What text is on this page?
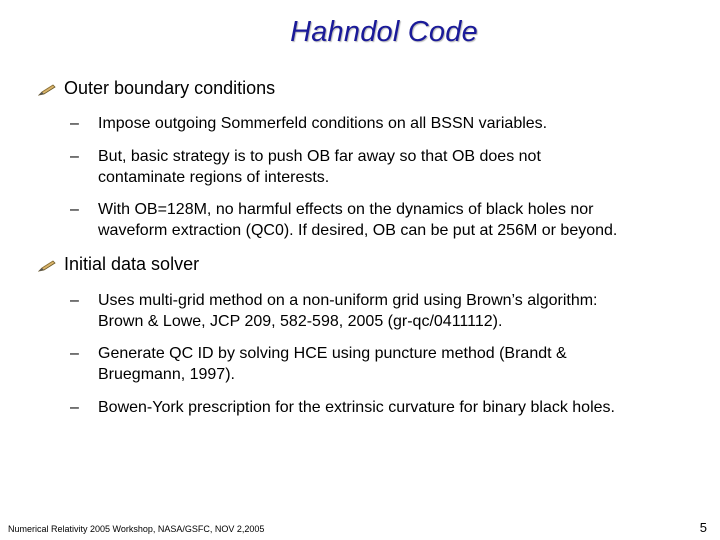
Hahndol Code
Outer boundary conditions
–	Impose outgoing Sommerfeld conditions on all BSSN variables.
–	But, basic strategy is to push OB far away so that OB does not
contaminate regions of interests.
–	With OB=128M, no harmful effects on the dynamics of black holes nor
waveform extraction (QC0). If desired, OB can be put at 256M or beyond.
Initial data solver
–	Uses multi-grid method on a non-uniform grid using Brown’s algorithm:
Brown & Lowe, JCP 209, 582-598, 2005 (gr-qc/0411112).
–	Generate QC ID by solving HCE using puncture method (Brandt &
Bruegmann, 1997).
–	Bowen-York prescription for the extrinsic curvature for binary black holes.
Numerical Relativity 2005 Workshop, NASA/GSFC, NOV 2,2005	5
